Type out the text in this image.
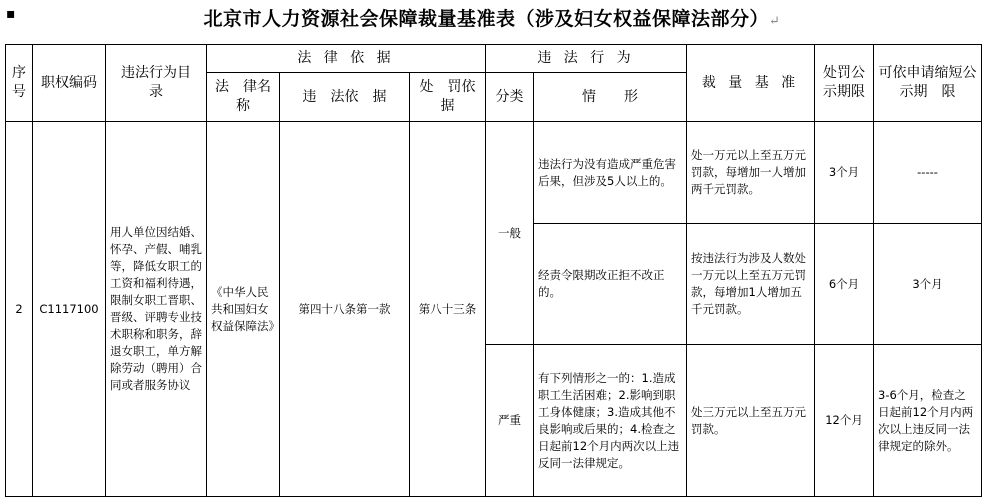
▪	北京市人力资源社会保障裁量基准表（涉及妇女权益保障法部分）↵
序号	职权编码	违法行为目　录	法 律 依 据			违 法 行 为		裁 量 基 准	处罚公示期限	可依申请缩短公示期　限
			法　律名　称	违　法依　据	处　罚依　据	分类	情　　形			
2	C1117100	用人单位因结婚、怀孕、产假、哺乳等，降低女职工的工资和福利待遇，限制女职工晋职、晋级、评聘专业技术职称和职务，辞退女职工，单方解除劳动（聘用）合同或者服务协议	《中华人民共和国妇女权益保障法》	第四十八条第一款	第八十三条	一般	违法行为没有造成严重危害后果，但涉及5人以上的。	处一万元以上至五万元罚款，每增加一人增加两千元罚款。	3个月	-----
							经责令限期改正拒不改正的。	按违法行为涉及人数处一万元以上至五万元罚款，每增加1人增加五千元罚款。	6个月	3个月
						严重	有下列情形之一的：1.造成职工生活困难；2.影响到职工身体健康；3.造成其他不良影响或后果的；4.检查之日起前12个月内两次以上违反同一法律规定。	处三万元以上至五万元罚款。	12个月	3-6个月，检查之日起前12个月内两次以上违反同一法律规定的除外。
